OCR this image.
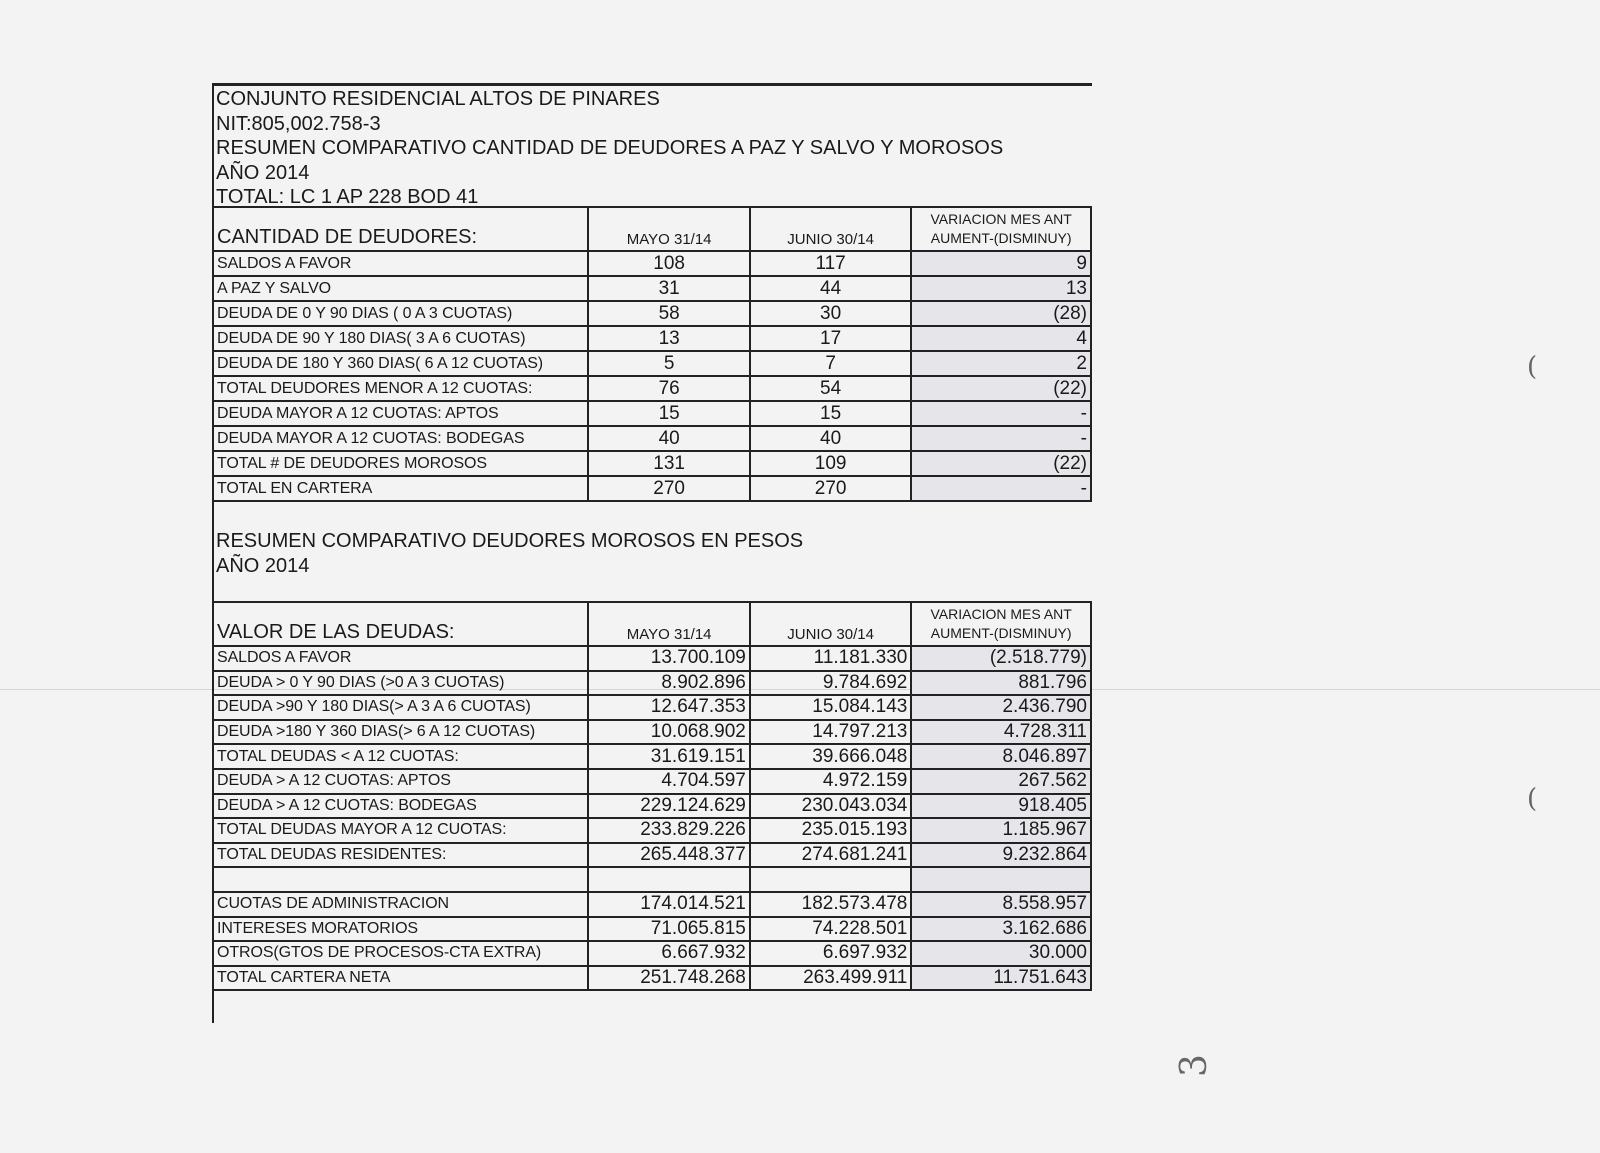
CONJUNTO RESIDENCIAL ALTOS DE PINARES
NIT:805,002.758-3
RESUMEN COMPARATIVO CANTIDAD DE DEUDORES A PAZ Y SALVO Y MOROSOS
AÑO 2014
TOTAL: LC 1 AP 228 BOD 41
CANTIDAD DE DEUDORES:	MAYO 31/14	JUNIO 30/14	VARIACION MES ANT
AUMENT-(DISMINUY)

SALDOS A FAVOR	108	117	9
A PAZ Y SALVO	31	44	13
DEUDA DE 0 Y 90 DIAS ( 0 A 3 CUOTAS)	58	30	(28)
DEUDA DE 90 Y 180 DIAS( 3 A 6 CUOTAS)	13	17	4
DEUDA DE 180 Y 360 DIAS( 6 A 12 CUOTAS)	5	7	2
TOTAL DEUDORES MENOR A 12 CUOTAS:	76	54	(22)
DEUDA MAYOR A 12 CUOTAS: APTOS	15	15	-
DEUDA MAYOR A 12 CUOTAS: BODEGAS	40	40	-
TOTAL # DE DEUDORES MOROSOS	131	109	(22)
TOTAL EN CARTERA	270	270	-
RESUMEN COMPARATIVO DEUDORES MOROSOS EN PESOS
AÑO 2014
VALOR DE LAS DEUDAS:	MAYO 31/14	JUNIO 30/14	VARIACION MES ANT
AUMENT-(DISMINUY)

SALDOS A FAVOR	13.700.109	11.181.330	(2.518.779)
DEUDA > 0 Y 90 DIAS (>0 A 3 CUOTAS)	8.902.896	9.784.692	881.796
DEUDA >90 Y 180 DIAS(> A 3 A 6 CUOTAS)	12.647.353	15.084.143	2.436.790
DEUDA >180 Y 360 DIAS(> 6 A 12 CUOTAS)	10.068.902	14.797.213	4.728.311
TOTAL DEUDAS < A 12 CUOTAS:	31.619.151	39.666.048	8.046.897
DEUDA > A 12 CUOTAS: APTOS	4.704.597	4.972.159	267.562
DEUDA > A 12 CUOTAS: BODEGAS	229.124.629	230.043.034	918.405
TOTAL DEUDAS MAYOR A 12 CUOTAS:	233.829.226	235.015.193	1.185.967
TOTAL DEUDAS RESIDENTES:	265.448.377	274.681.241	9.232.864

CUOTAS DE ADMINISTRACION	174.014.521	182.573.478	8.558.957
INTERESES MORATORIOS	71.065.815	74.228.501	3.162.686
OTROS(GTOS DE PROCESOS-CTA EXTRA)	6.667.932	6.697.932	30.000
TOTAL CARTERA NETA	251.748.268	263.499.911	11.751.643
(
(
3
